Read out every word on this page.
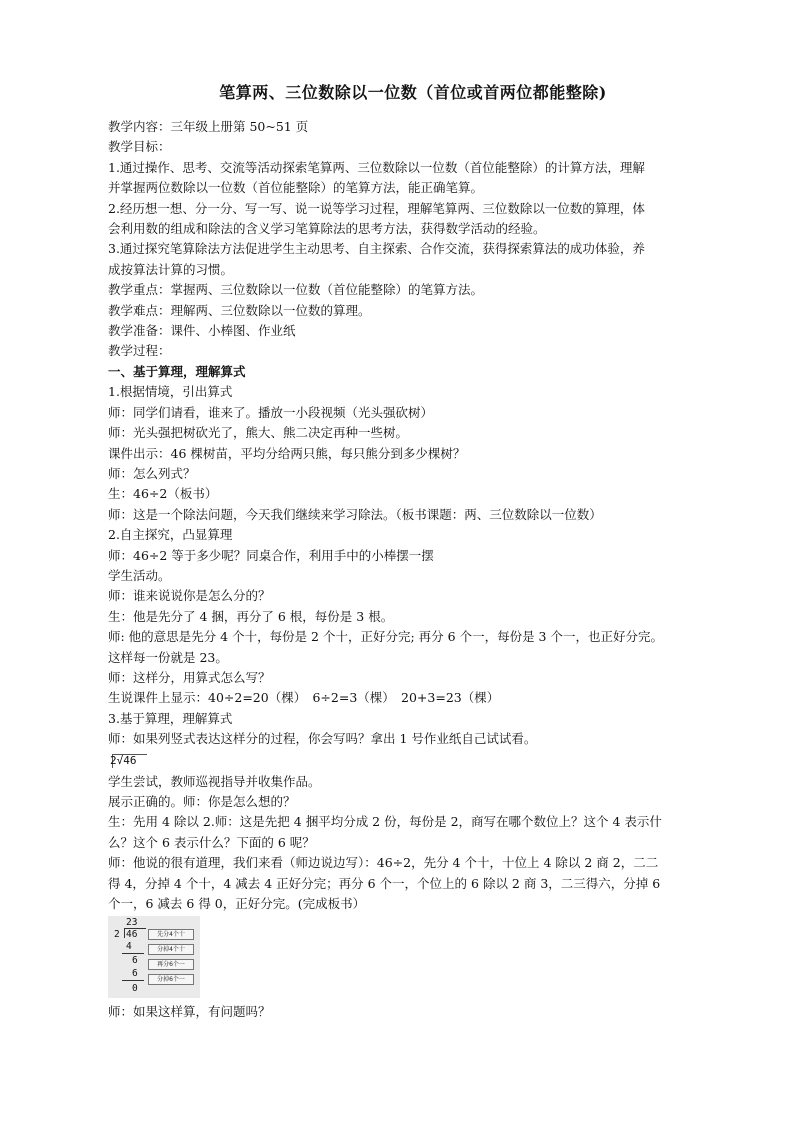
笔算两、三位数除以一位数（首位或首两位都能整除)

教学内容：三年级上册第 50~51 页

教学目标：

1.通过操作、思考、交流等活动探索笔算两、三位数除以一位数（首位能整除）的计算方法，理解

并掌握两位数除以一位数（首位能整除）的笔算方法，能正确笔算。

2.经历想一想、分一分、写一写、说一说等学习过程，理解笔算两、三位数除以一位数的算理，体

会利用数的组成和除法的含义学习笔算除法的思考方法，获得数学活动的经验。

3.通过探究笔算除法方法促进学生主动思考、自主探索、合作交流，获得探索算法的成功体验，养

成按算法计算的习惯。

教学重点：掌握两、三位数除以一位数（首位能整除）的笔算方法。

教学难点：理解两、三位数除以一位数的算理。

教学准备：课件、小棒图、作业纸

教学过程：

一、基于算理，理解算式

1.根据情境，引出算式

师：同学们请看，谁来了。播放一小段视频（光头强砍树）

师：光头强把树砍光了，熊大、熊二决定再种一些树。

课件出示：46 棵树苗，平均分给两只熊，每只熊分到多少棵树？

师：怎么列式？

生：46÷2（板书）

师：这是一个除法问题，今天我们继续来学习除法。（板书课题：两、三位数除以一位数）

2.自主探究，凸显算理

师：46÷2 等于多少呢？同桌合作，利用手中的小棒摆一摆

学生活动。

师：谁来说说你是怎么分的？

生：他是先分了 4 捆，再分了 6 根，每份是 3 根。

师: 他的意思是先分 4 个十，每份是 2 个十，正好分完; 再分 6 个一，每份是 3 个一，也正好分完。

这样每一份就是 23。

师：这样分，用算式怎么写？

生说课件上显示：40÷2=20（棵）　6÷2=3（棵）　20+3=23（棵）

3.基于算理，理解算式

师：如果列竖式表达这样分的过程，你会写吗？拿出 1 号作业纸自己试试看。

2√46

学生尝试，教师巡视指导并收集作品。

展示正确的。师：你是怎么想的？

生：先用 4 除以 2.师：这是先把 4 捆平均分成 2 份，每份是 2，商写在哪个数位上？这个 4 表示什

么？这个 6 表示什么？下面的 6 呢？

师：他说的很有道理，我们来看（师边说边写）：46÷2，先分 4 个十，十位上 4 除以 2 商 2，二二

得 4，分掉 4 个十，4 减去 4 正好分完；再分 6 个一，个位上的 6 除以 2 商 3，二三得六，分掉 6

个一，6 减去 6 得 0，正好分完。(完成板书）

23
2 46
4
6
6
0
先分4个十
分掉4个十
再分6个一
分掉6个一

师：如果这样算，有问题吗？
